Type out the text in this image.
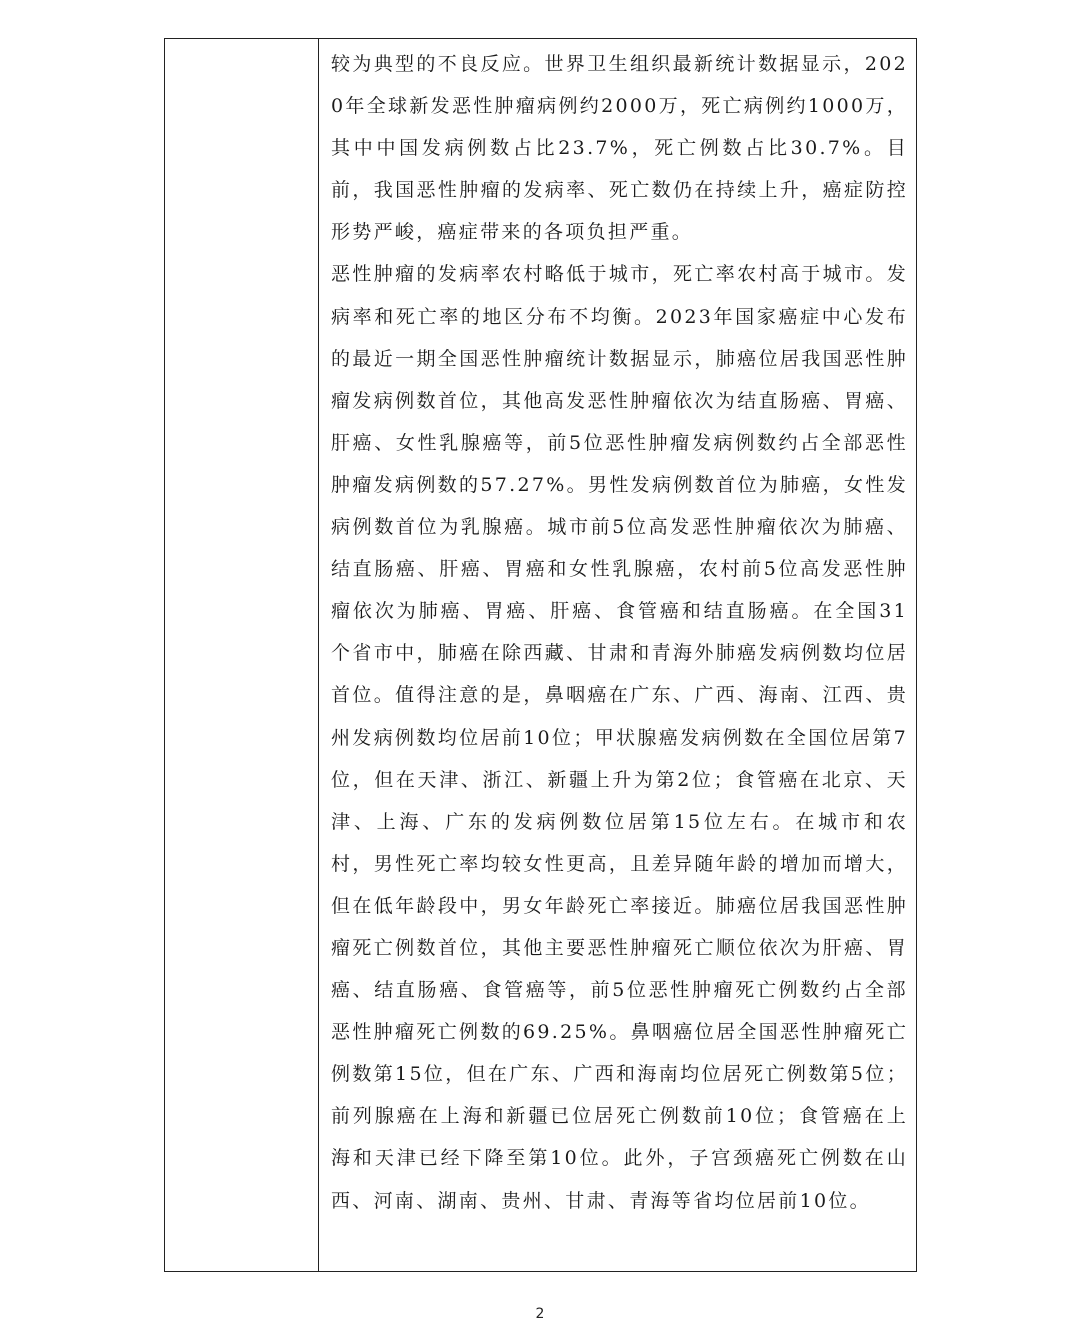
较为典型的不良反应。世界卫生组织最新统计数据显示，2020年全球新发恶性肿瘤病例约2000万，死亡病例约1000万，其中中国发病例数占比23.7%，死亡例数占比30.7%。目前，我国恶性肿瘤的发病率、死亡数仍在持续上升，癌症防控形势严峻，癌症带来的各项负担严重。

恶性肿瘤的发病率农村略低于城市，死亡率农村高于城市。发病率和死亡率的地区分布不均衡。2023年国家癌症中心发布的最近一期全国恶性肿瘤统计数据显示，肺癌位居我国恶性肿瘤发病例数首位，其他高发恶性肿瘤依次为结直肠癌、胃癌、肝癌、女性乳腺癌等，前5位恶性肿瘤发病例数约占全部恶性肿瘤发病例数的57.27%。男性发病例数首位为肺癌，女性发病例数首位为乳腺癌。城市前5位高发恶性肿瘤依次为肺癌、结直肠癌、肝癌、胃癌和女性乳腺癌，农村前5位高发恶性肿瘤依次为肺癌、胃癌、肝癌、食管癌和结直肠癌。在全国31个省市中，肺癌在除西藏、甘肃和青海外肺癌发病例数均位居首位。值得注意的是，鼻咽癌在广东、广西、海南、江西、贵州发病例数均位居前10位；甲状腺癌发病例数在全国位居第7位，但在天津、浙江、新疆上升为第2位；食管癌在北京、天津、上海、广东的发病例数位居第15位左右。在城市和农村，男性死亡率均较女性更高，且差异随年龄的增加而增大，但在低年龄段中，男女年龄死亡率接近。肺癌位居我国恶性肿瘤死亡例数首位，其他主要恶性肿瘤死亡顺位依次为肝癌、胃癌、结直肠癌、食管癌等，前5位恶性肿瘤死亡例数约占全部恶性肿瘤死亡例数的69.25%。鼻咽癌位居全国恶性肿瘤死亡例数第15位，但在广东、广西和海南均位居死亡例数第5位；前列腺癌在上海和新疆已位居死亡例数前10位；食管癌在上海和天津已经下降至第10位。此外，子宫颈癌死亡例数在山西、河南、湖南、贵州、甘肃、青海等省均位居前10位。

2
